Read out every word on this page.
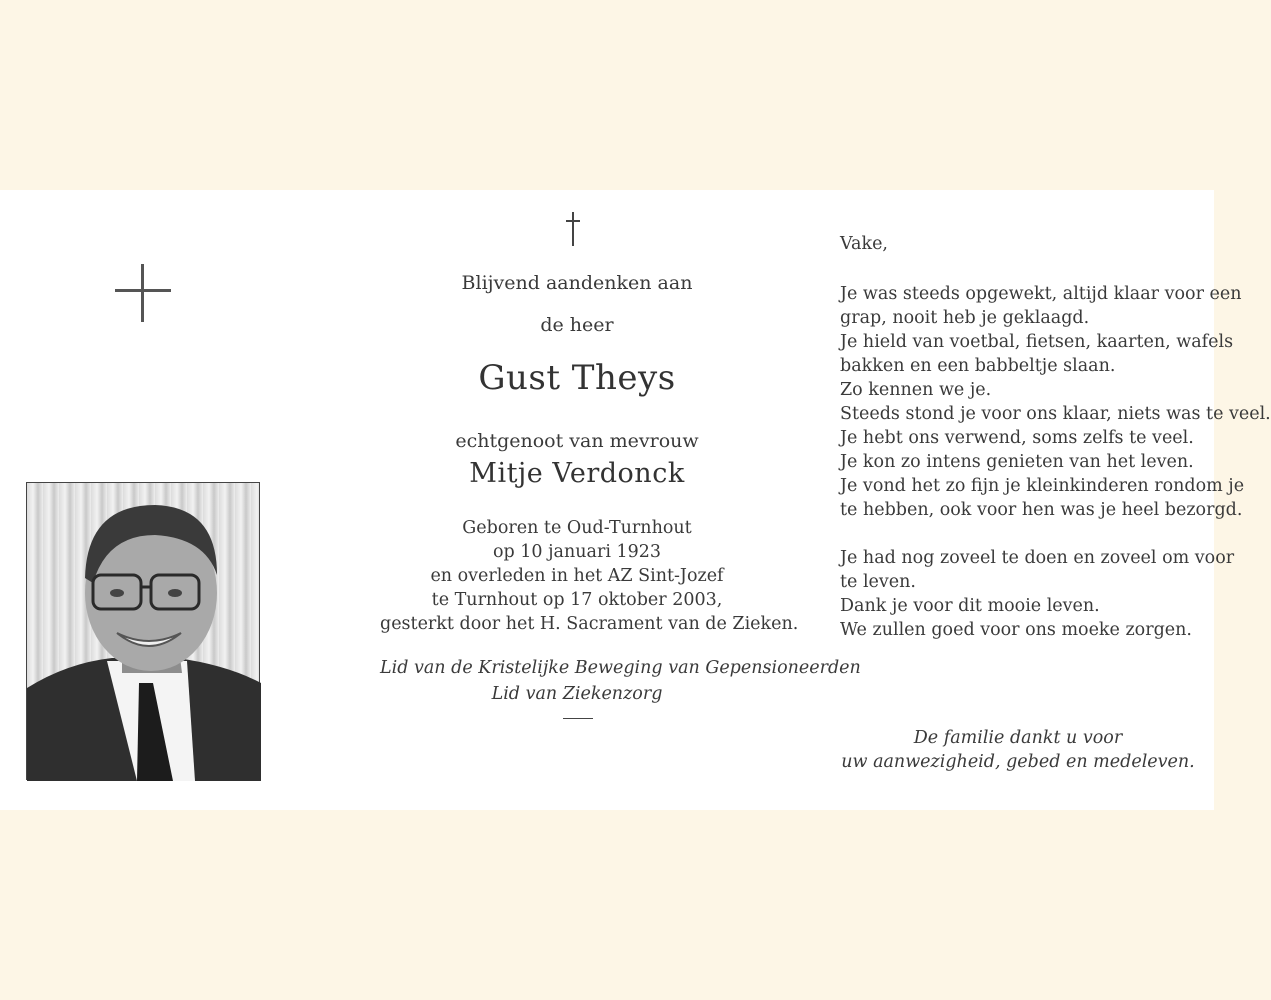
Blijvend aandenken aan
de heer
Gust Theys
echtgenoot van mevrouw
Mitje Verdonck
Geboren te Oud-Turnhout
op 10 januari 1923
en overleden in het AZ Sint-Jozef
te Turnhout op 17 oktober 2003,
gesterkt door het H. Sacrament van de Zieken.
Lid van de Kristelijke Beweging van Gepensioneerden
Lid van Ziekenzorg
Vake,
Je was steeds opgewekt, altijd klaar voor een
grap, nooit heb je geklaagd.
Je hield van voetbal, fietsen, kaarten, wafels
bakken en een babbeltje slaan.
Zo kennen we je.
Steeds stond je voor ons klaar, niets was te veel.
Je hebt ons verwend, soms zelfs te veel.
Je kon zo intens genieten van het leven.
Je vond het zo fijn je kleinkinderen rondom je
te hebben, ook voor hen was je heel bezorgd.
Je had nog zoveel te doen en zoveel om voor
te leven.
Dank je voor dit mooie leven.
We zullen goed voor ons moeke zorgen.
De familie dankt u voor
uw aanwezigheid, gebed en medeleven.
